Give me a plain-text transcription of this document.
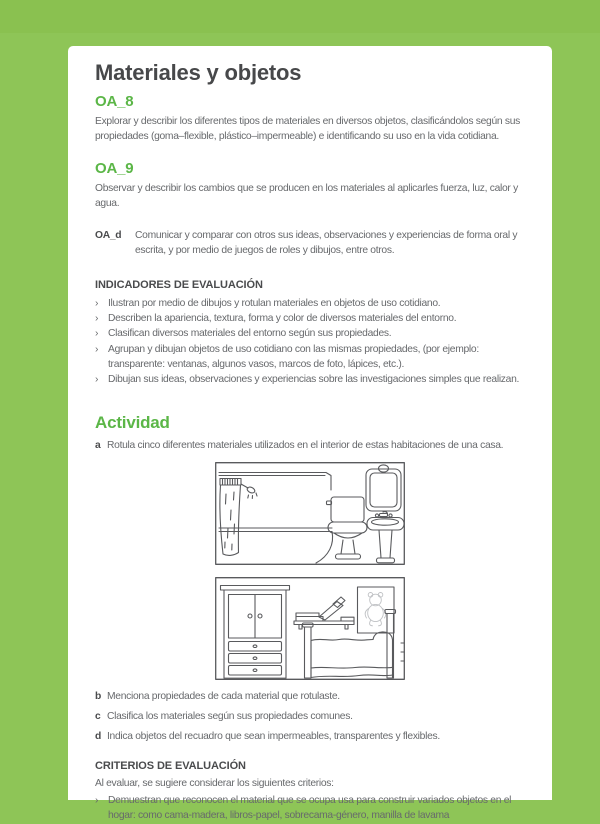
Materiales y objetos
OA_8

Explorar y describir los diferentes tipos de materiales en diversos objetos, clasificándolos según sus propiedades (goma–flexible, plástico–impermeable) e identificando su uso en la vida cotidiana.

OA_9

Observar y describir los cambios que se producen en los materiales al aplicarles fuerza, luz, calor y agua.

OA_d	Comunicar y comparar con otros sus ideas, observaciones y experiencias de forma oral y escrita, y por medio de juegos de roles y dibujos, entre otros.

INDICADORES DE EVALUACIÓN
› Ilustran por medio de dibujos y rotulan materiales en objetos de uso cotidiano.
› Describen la apariencia, textura, forma y color de diversos materiales del entorno.
› Clasifican diversos materiales del entorno según sus propiedades.
› Agrupan y dibujan objetos de uso cotidiano con las mismas propiedades, (por ejemplo: transparente: ventanas, algunos vasos, marcos de foto, lápices, etc.).
› Dibujan sus ideas, observaciones y experiencias sobre las investigaciones simples que realizan.
Actividad
a Rotula cinco diferentes materiales utilizados en el interior de estas habitaciones de una casa.
b Menciona propiedades de cada material que rotulaste.
c Clasifica los materiales según sus propiedades comunes.
d Indica objetos del recuadro que sean impermeables, transparentes y flexibles.
CRITERIOS DE EVALUACIÓN

Al evaluar, se sugiere considerar los siguientes criterios:

› Demuestran que reconocen el material que se ocupa usa para construir variados objetos en el hogar: como cama-madera, libros-papel, sobrecama-género, manilla de lavama
